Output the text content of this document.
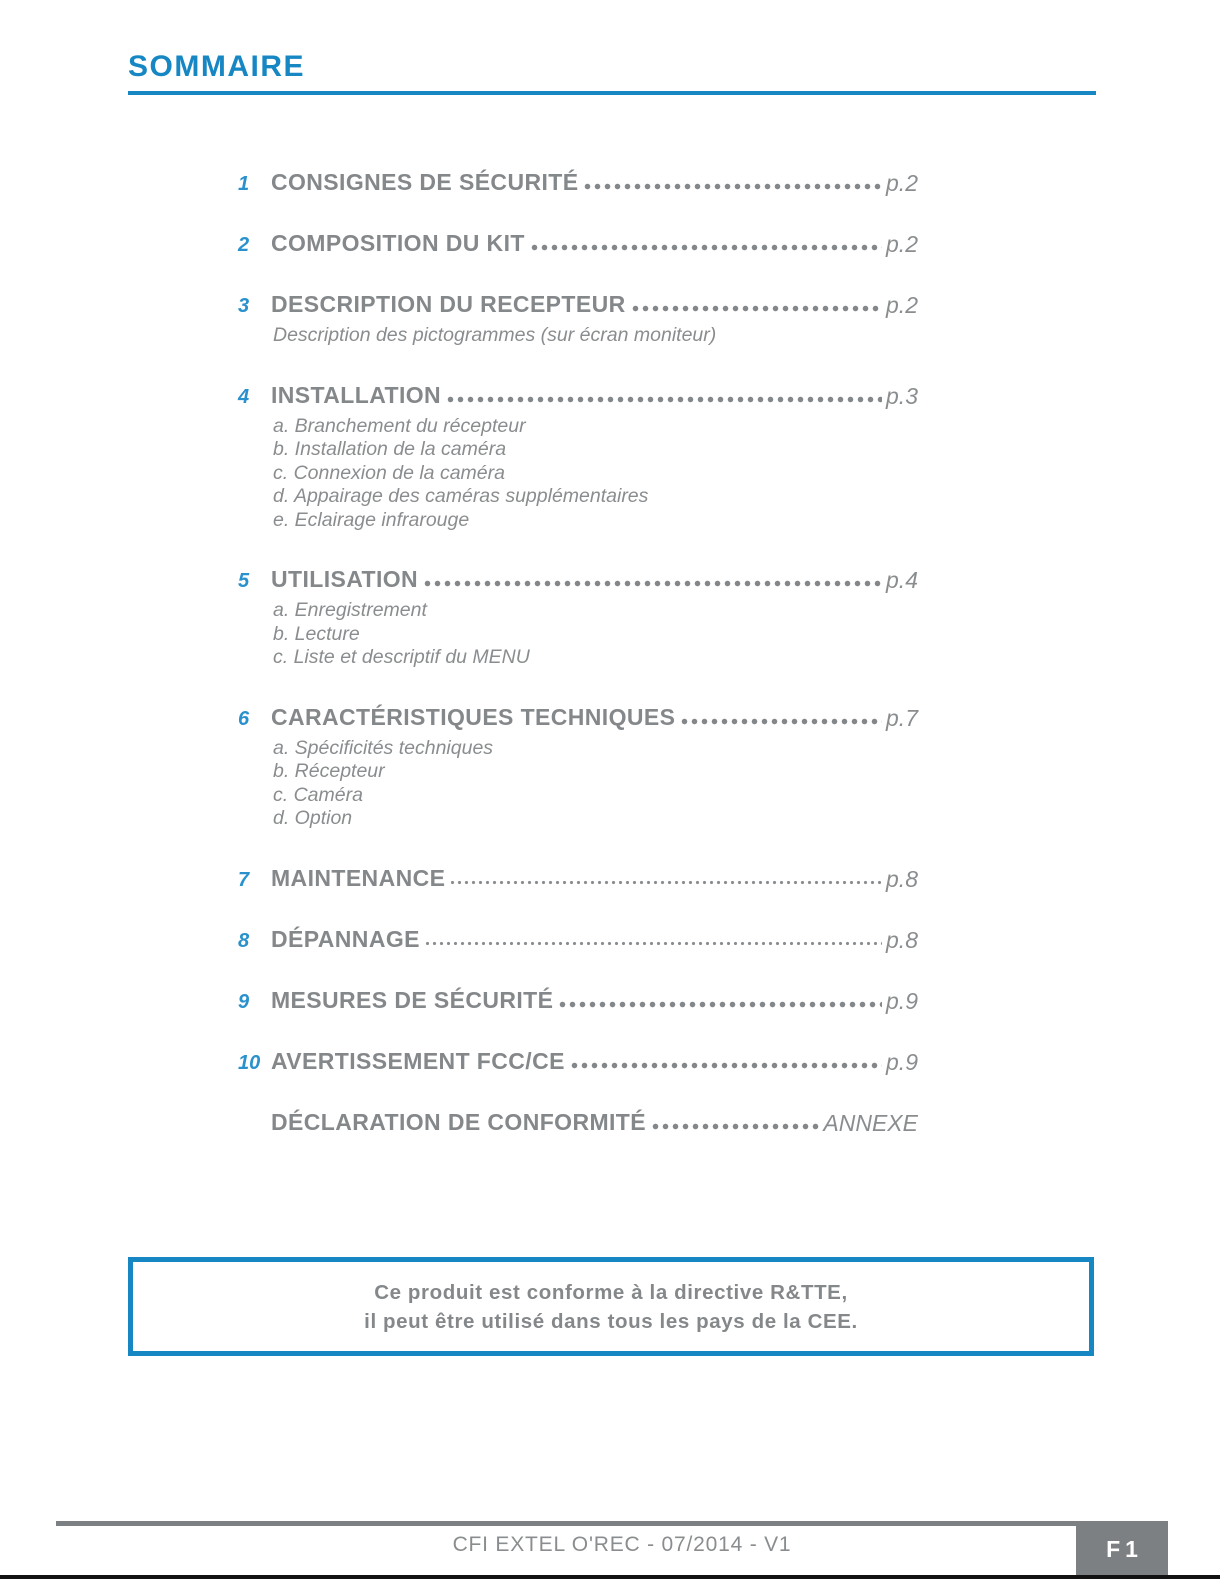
SOMMAIRE
1 CONSIGNES DE SÉCURITÉ	p.2
2 COMPOSITION DU KIT	p.2
3 DESCRIPTION DU RECEPTEUR	p.2
Description des pictogrammes (sur écran moniteur)
4 INSTALLATION	p.3
a. Branchement du récepteur
b. Installation de la caméra
c. Connexion de la caméra
d. Appairage des caméras supplémentaires
e. Eclairage infrarouge
5 UTILISATION	p.4
a. Enregistrement
b. Lecture
c. Liste et descriptif du MENU
6 CARACTÉRISTIQUES TECHNIQUES	p.7
a. Spécificités techniques
b. Récepteur
c. Caméra
d. Option
7 MAINTENANCE	p.8
8 DÉPANNAGE	p.8
9 MESURES DE SÉCURITÉ	p.9
10 AVERTISSEMENT FCC/CE	p.9
DÉCLARATION DE CONFORMITÉ	ANNEXE
Ce produit est conforme à la directive R&TTE,
il peut être utilisé dans tous les pays de la CEE.
CFI EXTEL O'REC - 07/2014 - V1	F1
